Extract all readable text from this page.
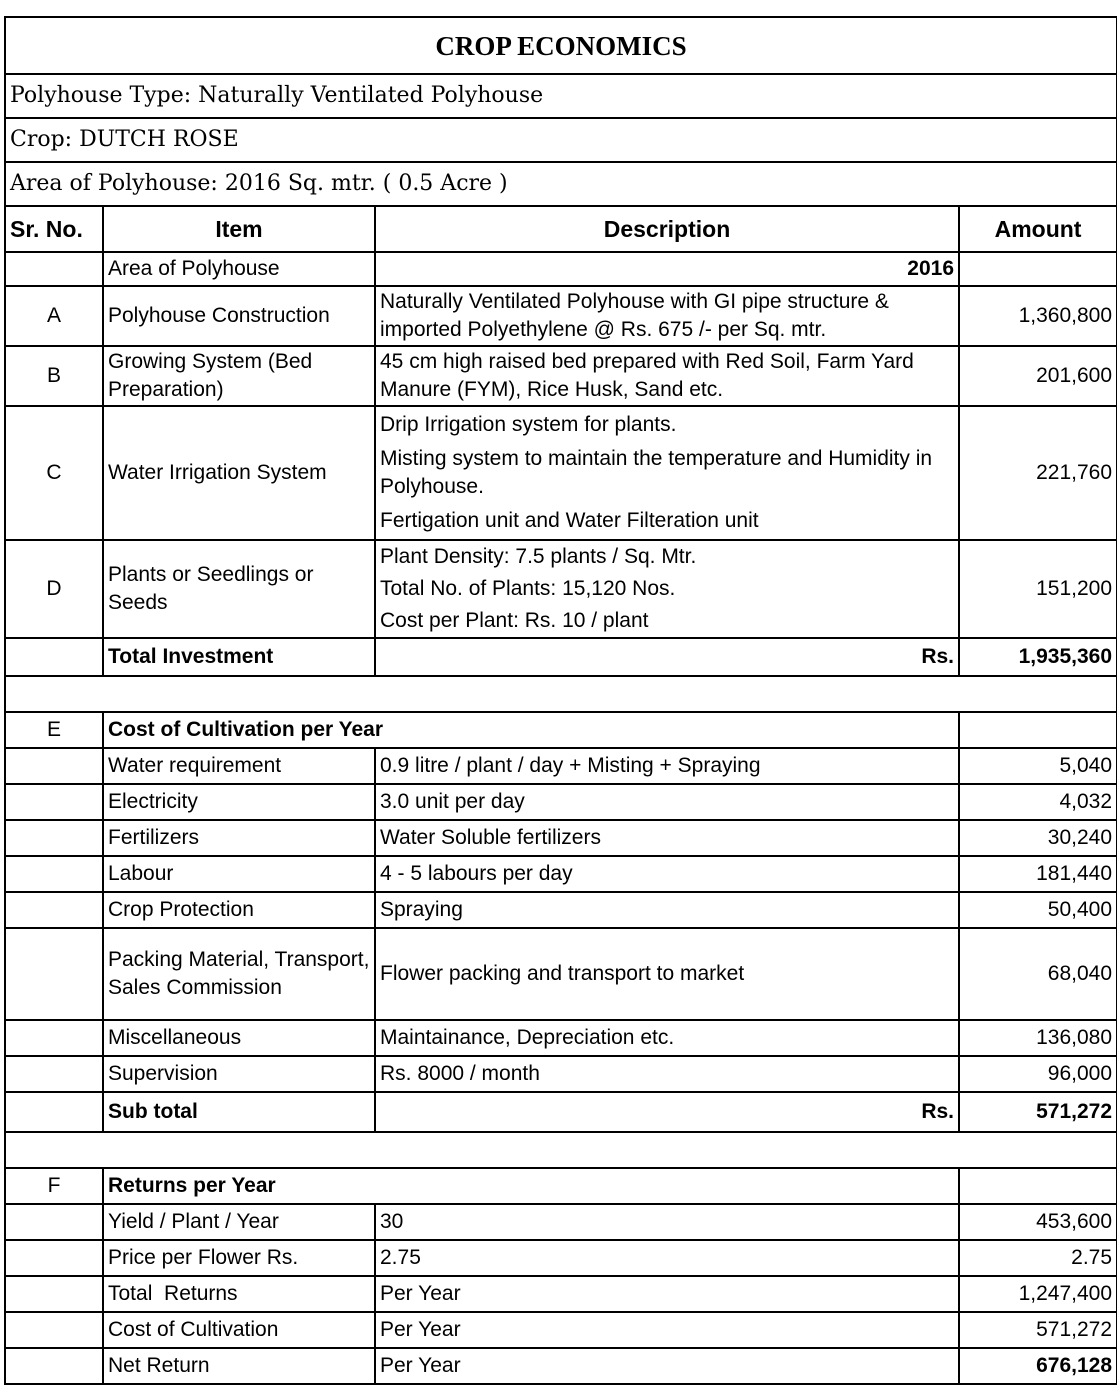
CROP ECONOMICS			
Polyhouse Type: Naturally Ventilated Polyhouse			
Crop: DUTCH ROSE			
Area of Polyhouse: 2016 Sq. mtr. ( 0.5 Acre )			
Sr. No.	Item	Description	Amount
	Area of Polyhouse	2016	
A	Polyhouse Construction	Naturally Ventilated Polyhouse with GI pipe structure & imported Polyethylene @ Rs. 675 /- per Sq. mtr.	1,360,800
B	Growing System (Bed Preparation)	45 cm high raised bed prepared with Red Soil, Farm Yard Manure (FYM), Rice Husk, Sand etc.	201,600
C	Water Irrigation System	Drip Irrigation system for plants.
Misting system to maintain the temperature and Humidity in Polyhouse.
Fertigation unit and Water Filteration unit	221,760
D	Plants or Seedlings or Seeds	Plant Density: 7.5 plants / Sq. Mtr.
Total No. of Plants: 15,120 Nos.
Cost per Plant: Rs. 10 / plant	151,200
	Total Investment	Rs.	1,935,360

E	Cost of Cultivation per Year		
	Water requirement	0.9 litre / plant / day + Misting + Spraying	5,040
	Electricity	3.0 unit per day	4,032
	Fertilizers	Water Soluble fertilizers	30,240
	Labour	4 - 5 labours per day	181,440
	Crop Protection	Spraying	50,400
	Packing Material, Transport, Sales Commission	Flower packing and transport to market	68,040
	Miscellaneous	Maintainance, Depreciation etc.	136,080
	Supervision	Rs. 8000 / month	96,000
	Sub total	Rs.	571,272

F	Returns per Year		
	Yield / Plant / Year	30	453,600
	Price per Flower Rs.	2.75	2.75
	Total  Returns	Per Year	1,247,400
	Cost of Cultivation	Per Year	571,272
	Net Return	Per Year	676,128
